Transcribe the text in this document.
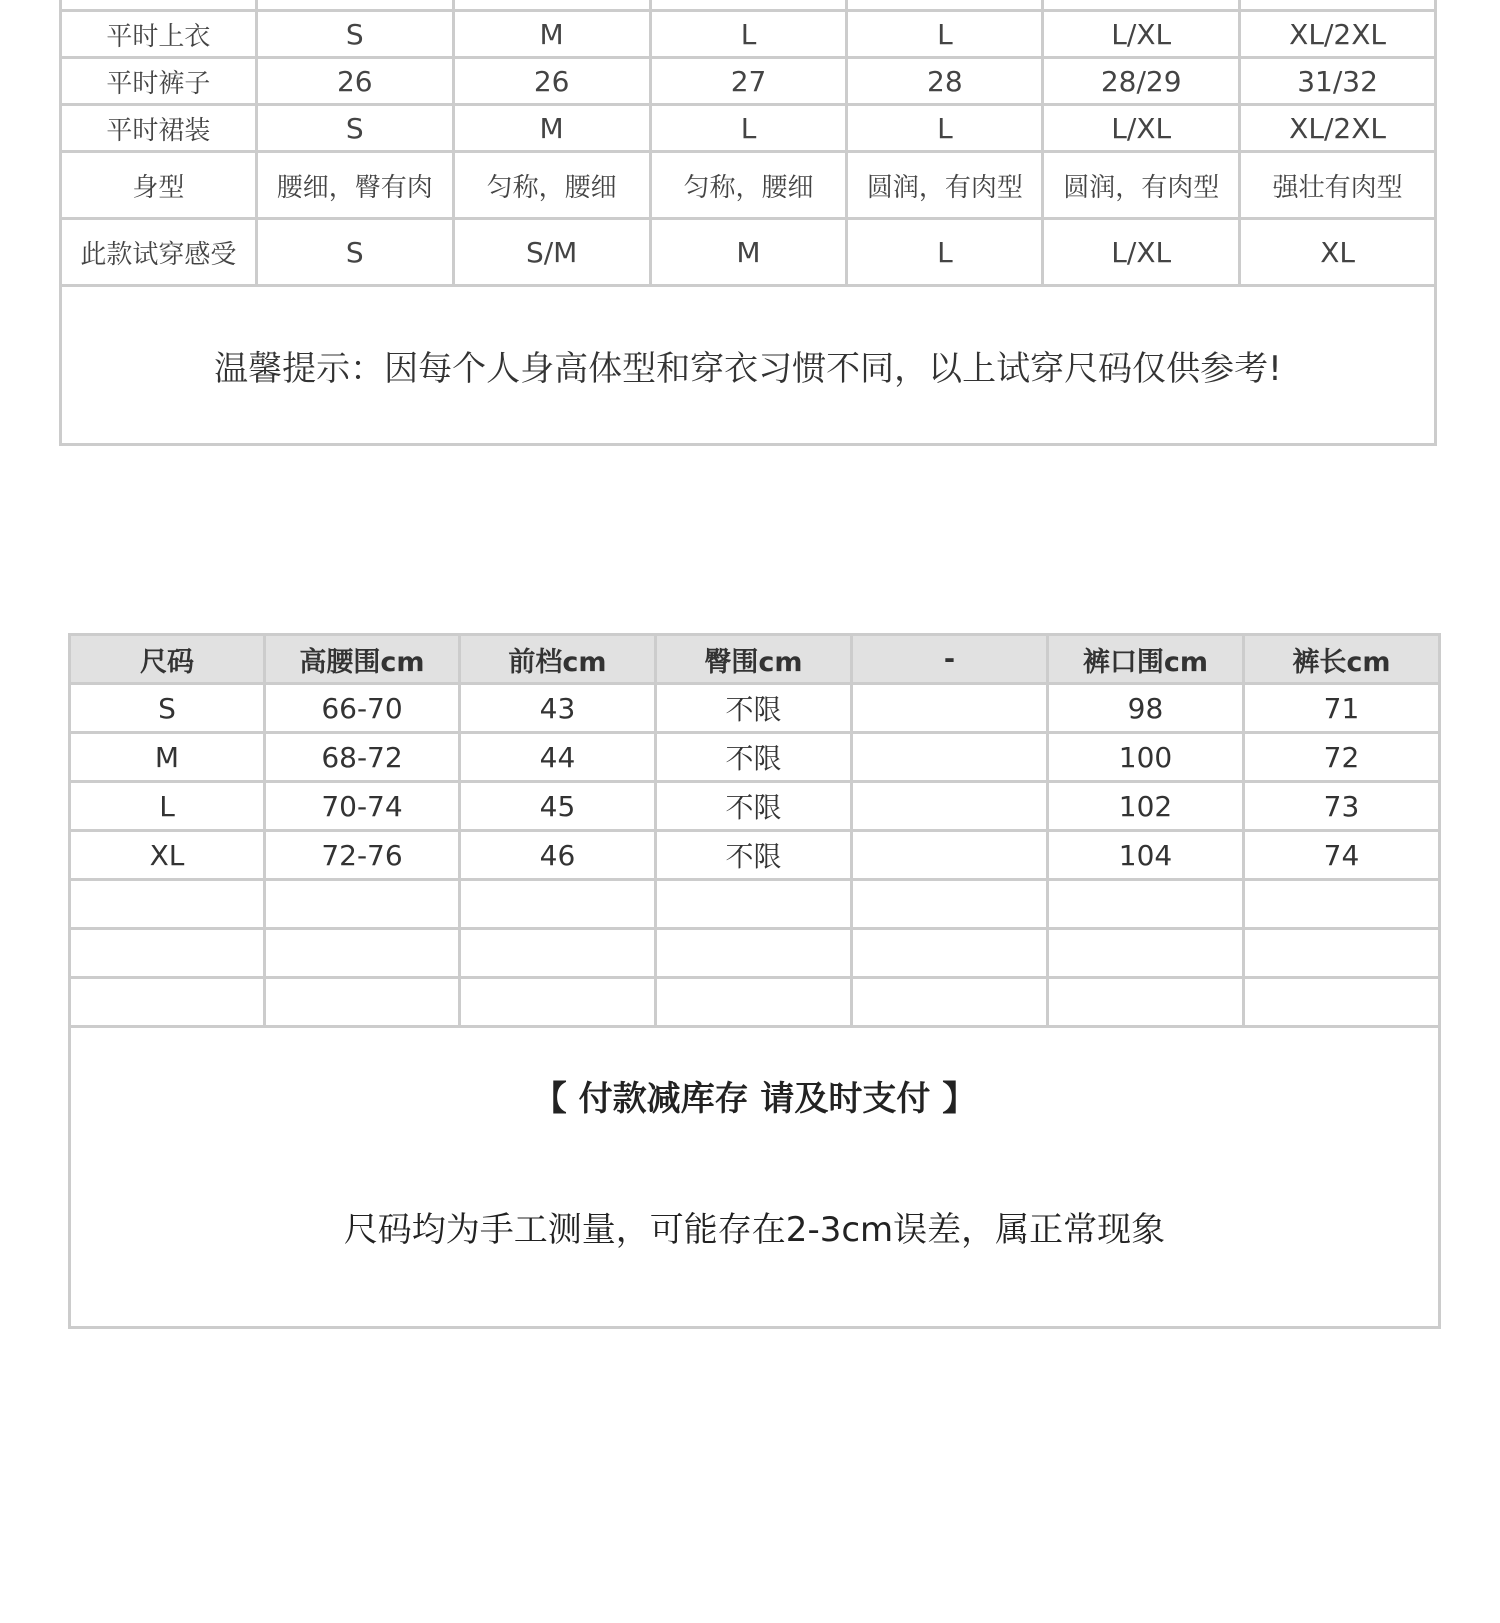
平时上衣	S	M	L	L	L/XL	XL/2XL
平时裤子	26	26	27	28	28/29	31/32
平时裙装	S	M	L	L	L/XL	XL/2XL
身型	腰细，臀有肉	匀称，腰细	匀称，腰细	圆润，有肉型	圆润，有肉型	强壮有肉型
此款试穿感受	S	S/M	M	L	L/XL	XL
温馨提示：因每个人身高体型和穿衣习惯不同，以上试穿尺码仅供参考!						
尺码	高腰围cm	前档cm	臀围cm	-	裤口围cm	裤长cm
S	66-70	43	不限		98	71
M	68-72	44	不限		100	72
L	70-74	45	不限		102	73
XL	72-76	46	不限		104	74

【 付款减库存 请及时支付 】
尺码均为手工测量，可能存在2-3cm误差，属正常现象						
